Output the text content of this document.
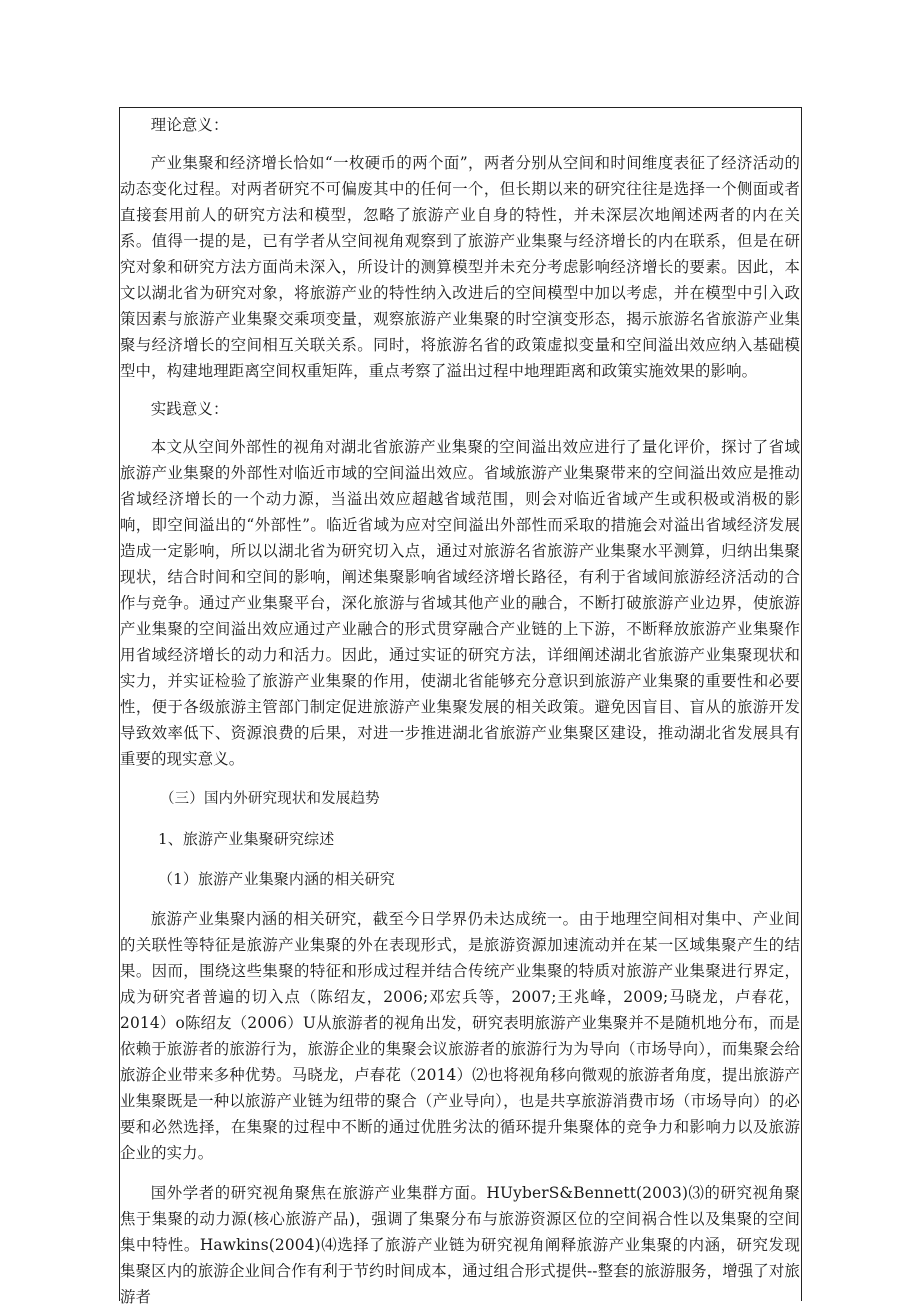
理论意义：

产业集聚和经济增长恰如“一枚硬币的两个面”，两者分别从空间和时间维度表征了经济活动的动态变化过程。对两者研究不可偏废其中的任何一个，但长期以来的研究往往是选择一个侧面或者直接套用前人的研究方法和模型，忽略了旅游产业自身的特性，并未深层次地阐述两者的内在关系。值得一提的是，已有学者从空间视角观察到了旅游产业集聚与经济增长的内在联系，但是在研究对象和研究方法方面尚未深入，所设计的测算模型并未充分考虑影响经济增长的要素。因此，本文以湖北省为研究对象，将旅游产业的特性纳入改进后的空间模型中加以考虑，并在模型中引入政策因素与旅游产业集聚交乘项变量，观察旅游产业集聚的时空演变形态，揭示旅游名省旅游产业集聚与经济增长的空间相互关联关系。同时，将旅游名省的政策虚拟变量和空间溢出效应纳入基础模型中，构建地理距离空间权重矩阵，重点考察了溢出过程中地理距离和政策实施效果的影响。

实践意义：

本文从空间外部性的视角对湖北省旅游产业集聚的空间溢出效应进行了量化评价，探讨了省域旅游产业集聚的外部性对临近市域的空间溢出效应。省域旅游产业集聚带来的空间溢出效应是推动省域经济增长的一个动力源，当溢出效应超越省域范围，则会对临近省域产生或积极或消极的影响，即空间溢出的“外部性”。临近省域为应对空间溢出外部性而采取的措施会对溢出省域经济发展造成一定影响，所以以湖北省为研究切入点，通过对旅游名省旅游产业集聚水平测算，归纳出集聚现状，结合时间和空间的影响，阐述集聚影响省域经济增长路径，有利于省域间旅游经济活动的合作与竞争。通过产业集聚平台，深化旅游与省域其他产业的融合，不断打破旅游产业边界，使旅游产业集聚的空间溢出效应通过产业融合的形式贯穿融合产业链的上下游，不断释放旅游产业集聚作用省域经济增长的动力和活力。因此，通过实证的研究方法，详细阐述湖北省旅游产业集聚现状和实力，并实证检验了旅游产业集聚的作用，使湖北省能够充分意识到旅游产业集聚的重要性和必要性，便于各级旅游主管部门制定促进旅游产业集聚发展的相关政策。避免因盲目、盲从的旅游开发导致效率低下、资源浪费的后果，对进一步推进湖北省旅游产业集聚区建设，推动湖北省发展具有重要的现实意义。

（三）国内外研究现状和发展趋势

1、旅游产业集聚研究综述

（1）旅游产业集聚内涵的相关研究

旅游产业集聚内涵的相关研究，截至今日学界仍未达成统一。由于地理空间相对集中、产业间的关联性等特征是旅游产业集聚的外在表现形式，是旅游资源加速流动并在某一区域集聚产生的结果。因而，围绕这些集聚的特征和形成过程并结合传统产业集聚的特质对旅游产业集聚进行界定，成为研究者普遍的切入点（陈绍友，2006;邓宏兵等，2007;王兆峰，2009;马晓龙，卢春花，2014）o陈绍友（2006）U从旅游者的视角出发，研究表明旅游产业集聚并不是随机地分布，而是依赖于旅游者的旅游行为，旅游企业的集聚会议旅游者的旅游行为为导向（市场导向），而集聚会给旅游企业带来多种优势。马晓龙，卢春花（2014）⑵也将视角移向微观的旅游者角度，提出旅游产业集聚既是一种以旅游产业链为纽带的聚合（产业导向），也是共享旅游消费市场（市场导向）的必要和必然选择，在集聚的过程中不断的通过优胜劣汰的循环提升集聚体的竞争力和影响力以及旅游企业的实力。

国外学者的研究视角聚焦在旅游产业集群方面。HUyberS&Bennett(2003)⑶的研究视角聚焦于集聚的动力源(核心旅游产品)，强调了集聚分布与旅游资源区位的空间祸合性以及集聚的空间集中特性。Hawkins(2004)⑷选择了旅游产业链为研究视角阐释旅游产业集聚的内涵，研究发现集聚区内的旅游企业间合作有利于节约时间成本，通过组合形式提供--整套的旅游服务，增强了对旅游者
